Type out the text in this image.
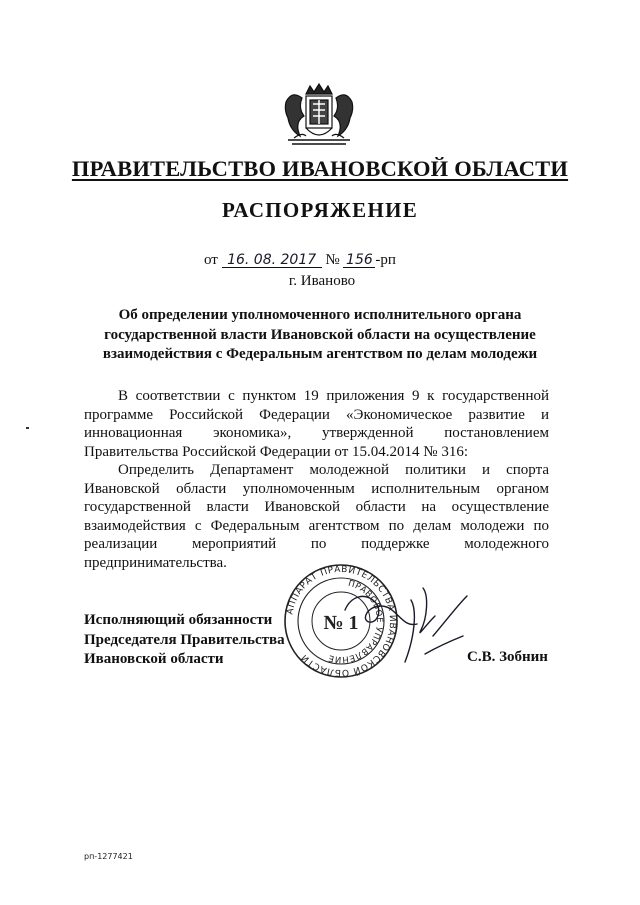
ПРАВИТЕЛЬСТВО ИВАНОВСКОЙ ОБЛАСТИ
РАСПОРЯЖЕНИЕ
от 16. 08. 2017 № 156 -рп
г. Иваново
Об определении уполномоченного исполнительного органа
государственной власти Ивановской области на осуществление
взаимодействия с Федеральным агентством по делам молодежи

В соответствии с пунктом 19 приложения 9 к государственной

программе Российской Федерации «Экономическое развитие и

инновационная экономика», утвержденной постановлением

Правительства Российской Федерации от 15.04.2014 № 316:

Определить Департамент молодежной политики и спорта

Ивановской области уполномоченным исполнительным органом

государственной власти Ивановской области на осуществление

взаимодействия с Федеральным агентством по делам молодежи по

реализации мероприятий по поддержке молодежного

предпринимательства.

Исполняющий обязанности
Председателя Правительства
Ивановской области	С.В. Зобнин
АППАРАТ ПРАВИТЕЛЬСТВА ИВАНОВСКОЙ ОБЛАСТИ
ПРАВОВОЕ УПРАВЛЕНИЕ
№ 1
рп-1277421
